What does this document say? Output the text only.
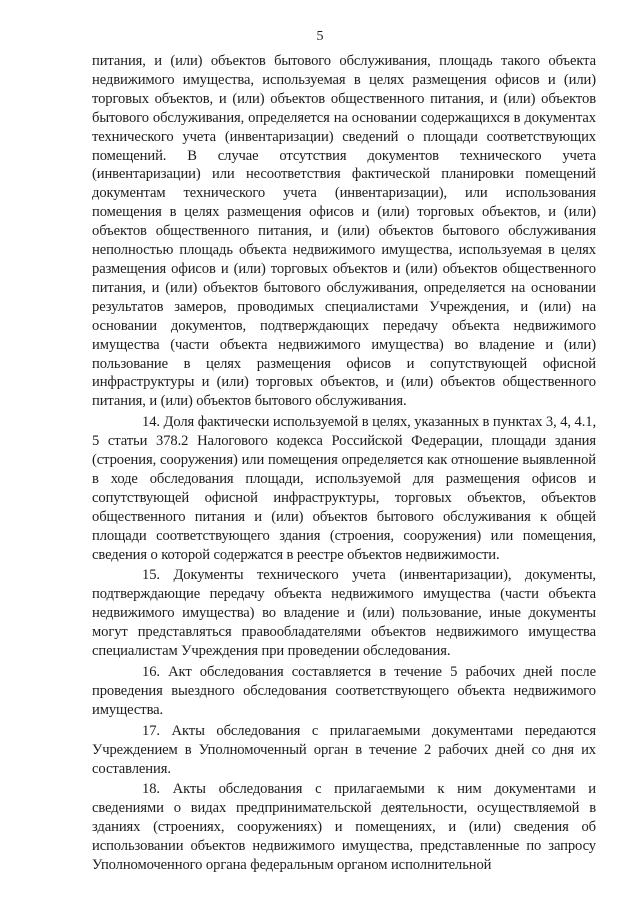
5

питания, и (или) объектов бытового обслуживания, площадь такого объекта недвижимого имущества, используемая в целях размещения офисов и (или) торговых объектов, и (или) объектов общественного питания, и (или) объектов бытового обслуживания, определяется на основании содержащихся в документах технического учета (инвентаризации) сведений о площади соответствующих помещений. В случае отсутствия документов технического учета (инвентаризации) или несоответствия фактической планировки помещений документам технического учета (инвентаризации), или использования помещения в целях размещения офисов и (или) торговых объектов, и (или) объектов общественного питания, и (или) объектов бытового обслуживания неполностью площадь объекта недвижимого имущества, используемая в целях размещения офисов и (или) торговых объектов и (или) объектов общественного питания, и (или) объектов бытового обслуживания, определяется на основании результатов замеров, проводимых специалистами Учреждения, и (или) на основании документов, подтверждающих передачу объекта недвижимого имущества (части объекта недвижимого имущества) во владение и (или) пользование в целях размещения офисов и сопутствующей офисной инфраструктуры и (или) торговых объектов, и (или) объектов общественного питания, и (или) объектов бытового обслуживания.

14. Доля фактически используемой в целях, указанных в пунктах 3, 4, 4.1, 5 статьи 378.2 Налогового кодекса Российской Федерации, площади здания (строения, сооружения) или помещения определяется как отношение выявленной в ходе обследования площади, используемой для размещения офисов и сопутствующей офисной инфраструктуры, торговых объектов, объектов общественного питания и (или) объектов бытового обслуживания к общей площади соответствующего здания (строения, сооружения) или помещения, сведения о которой содержатся в реестре объектов недвижимости.

15. Документы технического учета (инвентаризации), документы, подтверждающие передачу объекта недвижимого имущества (части объекта недвижимого имущества) во владение и (или) пользование, иные документы могут представляться правообладателями объектов недвижимого имущества специалистам Учреждения при проведении обследования.

16. Акт обследования составляется в течение 5 рабочих дней после проведения выездного обследования соответствующего объекта недвижимого имущества.

17. Акты обследования с прилагаемыми документами передаются Учреждением в Уполномоченный орган в течение 2 рабочих дней со дня их составления.

18. Акты обследования с прилагаемыми к ним документами и сведениями о видах предпринимательской деятельности, осуществляемой в зданиях (строениях, сооружениях) и помещениях, и (или) сведения об использовании объектов недвижимого имущества, представленные по запросу Уполномоченного органа федеральным органом исполнительной
